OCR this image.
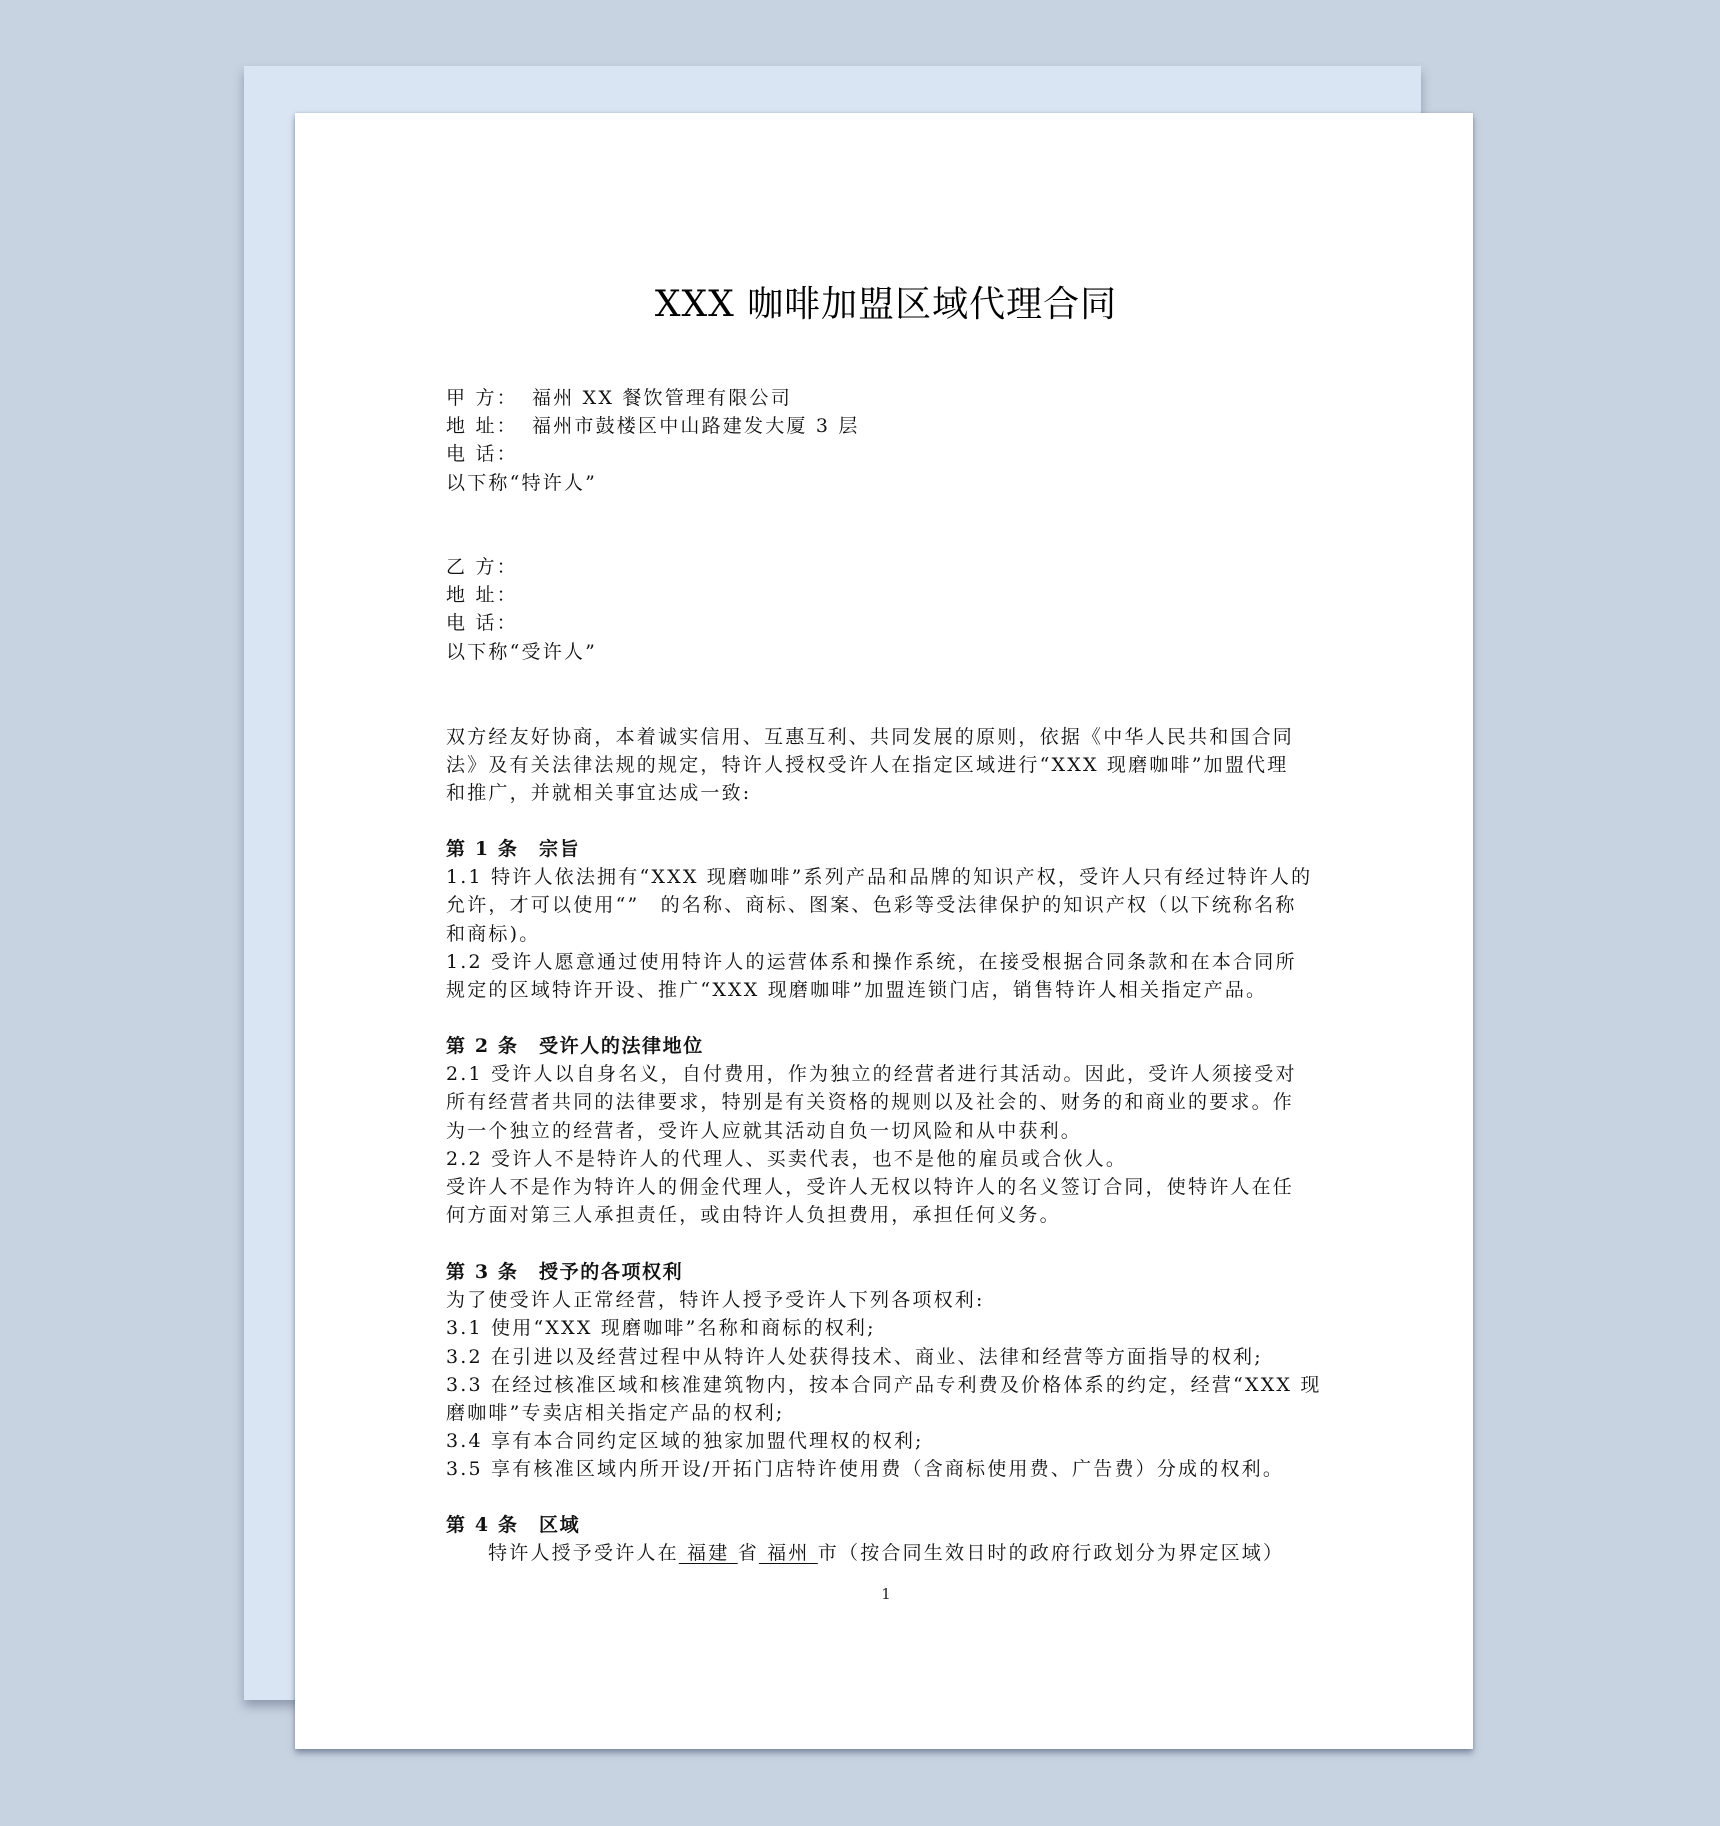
XXX 咖啡加盟区域代理合同
甲 方： 福州 XX 餐饮管理有限公司
地 址： 福州市鼓楼区中山路建发大厦 3 层
电 话：
以下称“特许人”
乙 方：
地 址：
电 话：
以下称“受许人”
双方经友好协商，本着诚实信用、互惠互利、共同发展的原则，依据《中华人民共和国合同
法》及有关法律法规的规定，特许人授权受许人在指定区域进行“XXX 现磨咖啡”加盟代理
和推广，并就相关事宜达成一致:
第 1 条　宗旨
1.1 特许人依法拥有“XXX 现磨咖啡”系列产品和品牌的知识产权，受许人只有经过特许人的
允许，才可以使用“”　的名称、商标、图案、色彩等受法律保护的知识产权（以下统称名称
和商标)。
1.2 受许人愿意通过使用特许人的运营体系和操作系统，在接受根据合同条款和在本合同所
规定的区域特许开设、推广“XXX 现磨咖啡”加盟连锁门店，销售特许人相关指定产品。
第 2 条　受许人的法律地位
2.1 受许人以自身名义，自付费用，作为独立的经营者进行其活动。因此，受许人须接受对
所有经营者共同的法律要求，特别是有关资格的规则以及社会的、财务的和商业的要求。作
为一个独立的经营者，受许人应就其活动自负一切风险和从中获利。
2.2 受许人不是特许人的代理人、买卖代表，也不是他的雇员或合伙人。
受许人不是作为特许人的佣金代理人，受许人无权以特许人的名义签订合同，使特许人在任
何方面对第三人承担责任，或由特许人负担费用，承担任何义务。
第 3 条　授予的各项权利
为了使受许人正常经营，特许人授予受许人下列各项权利:
3.1 使用“XXX 现磨咖啡”名称和商标的权利;
3.2 在引进以及经营过程中从特许人处获得技术、商业、法律和经营等方面指导的权利;
3.3 在经过核准区域和核准建筑物内，按本合同产品专利费及价格体系的约定，经营“XXX 现
磨咖啡”专卖店相关指定产品的权利;
3.4 享有本合同约定区域的独家加盟代理权的权利;
3.5 享有核准区域内所开设/开拓门店特许使用费（含商标使用费、广告费）分成的权利。
第 4 条　区域
特许人授予受许人在 福建 省 福州 市（按合同生效日时的政府行政划分为界定区域）
1
